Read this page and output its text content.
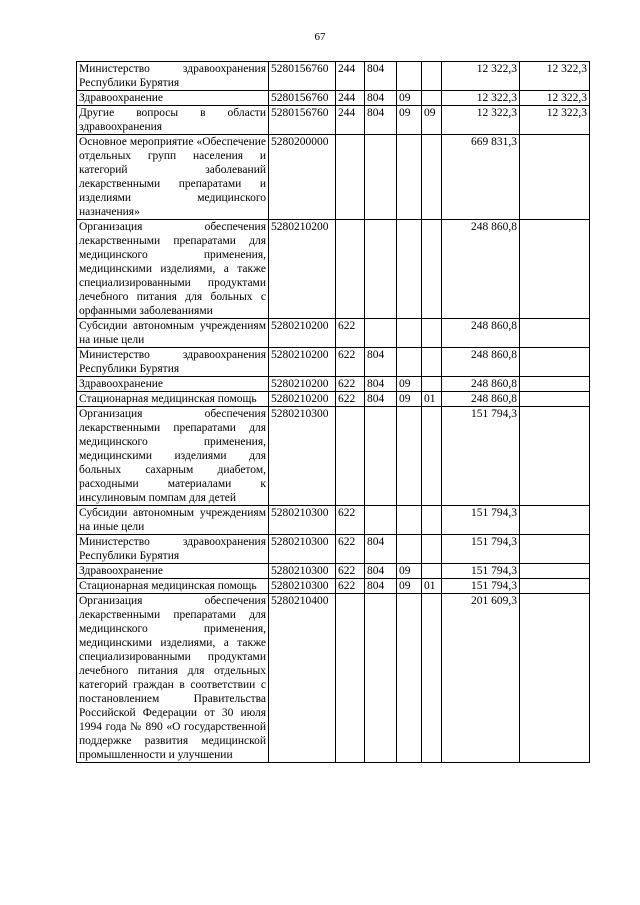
67
Министерство здравоохранения Республики Бурятия	5280156760	244	804			12 322,3	12 322,3
Здравоохранение	5280156760	244	804	09		12 322,3	12 322,3
Другие вопросы в области здравоохранения	5280156760	244	804	09	09	12 322,3	12 322,3
Основное мероприятие «Обеспечение отдельных групп населения и категорий заболеваний лекарственными препаратами и изделиями медицинского назначения»	5280200000					669 831,3	
Организация обеспечения лекарственными препаратами для медицинского применения, медицинскими изделиями, а также специализированными продуктами лечебного питания для больных с орфанными заболеваниями	5280210200					248 860,8	
Субсидии автономным учреждениям на иные цели	5280210200	622				248 860,8	
Министерство здравоохранения Республики Бурятия	5280210200	622	804			248 860,8	
Здравоохранение	5280210200	622	804	09		248 860,8	
Стационарная медицинская помощь	5280210200	622	804	09	01	248 860,8	
Организация обеспечения лекарственными препаратами для медицинского применения, медицинскими изделиями для больных сахарным диабетом, расходными материалами к инсулиновым помпам для детей	5280210300					151 794,3	
Субсидии автономным учреждениям на иные цели	5280210300	622				151 794,3	
Министерство здравоохранения Республики Бурятия	5280210300	622	804			151 794,3	
Здравоохранение	5280210300	622	804	09		151 794,3	
Стационарная медицинская помощь	5280210300	622	804	09	01	151 794,3	
Организация обеспечения лекарственными препаратами для медицинского применения, медицинскими изделиями, а также специализированными продуктами лечебного питания для отдельных категорий граждан в соответствии с постановлением Правительства Российской Федерации от 30 июля 1994 года № 890 «О государственной поддержке развития медицинской промышленности и улучшении	5280210400					201 609,3	
